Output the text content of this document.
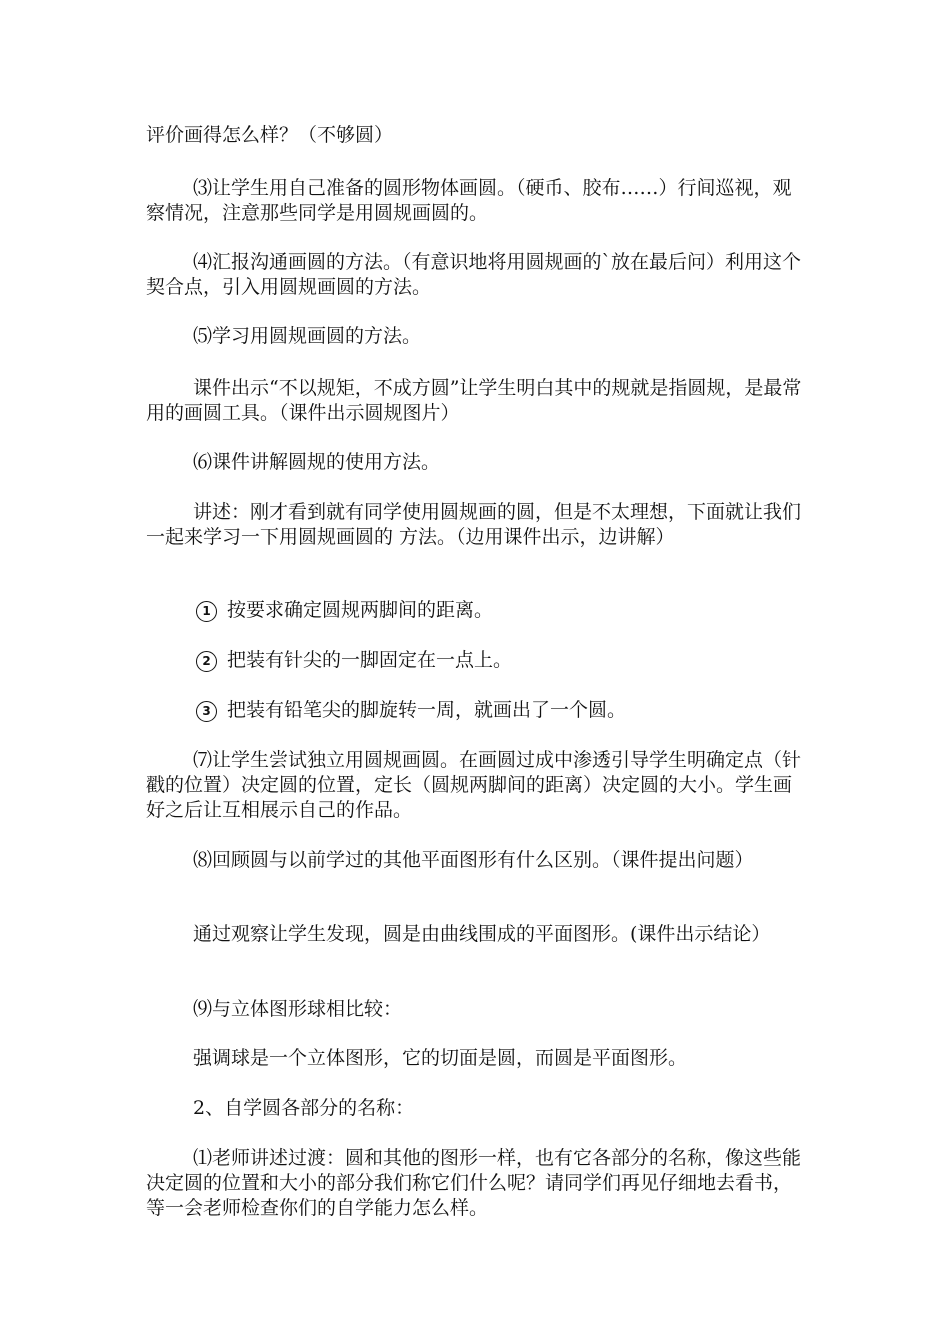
评价画得怎么样？（不够圆）
⑶让学生用自己准备的圆形物体画圆。（硬币、胶布……）行间巡视，观察情况，注意那些同学是用圆规画圆的。
⑷汇报沟通画圆的方法。（有意识地将用圆规画的`放在最后问）利用这个契合点，引入用圆规画圆的方法。
⑸学习用圆规画圆的方法。
课件出示“不以规矩，不成方圆”让学生明白其中的规就是指圆规，是最常用的画圆工具。（课件出示圆规图片）
⑹课件讲解圆规的使用方法。
讲述：刚才看到就有同学使用圆规画的圆，但是不太理想，下面就让我们一起来学习一下用圆规画圆的 方法。（边用课件出示，边讲解）
1 按要求确定圆规两脚间的距离。
2 把装有针尖的一脚固定在一点上。
3 把装有铅笔尖的脚旋转一周，就画出了一个圆。
⑺让学生尝试独立用圆规画圆。在画圆过成中渗透引导学生明确定点（针戳的位置）决定圆的位置，定长（圆规两脚间的距离）决定圆的大小。学生画好之后让互相展示自己的作品。
⑻回顾圆与以前学过的其他平面图形有什么区别。（课件提出问题）
通过观察让学生发现，圆是由曲线围成的平面图形。(课件出示结论）
⑼与立体图形球相比较：
强调球是一个立体图形，它的切面是圆，而圆是平面图形。
2、自学圆各部分的名称：
⑴老师讲述过渡：圆和其他的图形一样，也有它各部分的名称，像这些能决定圆的位置和大小的部分我们称它们什么呢？请同学们再见仔细地去看书，等一会老师检查你们的自学能力怎么样。
